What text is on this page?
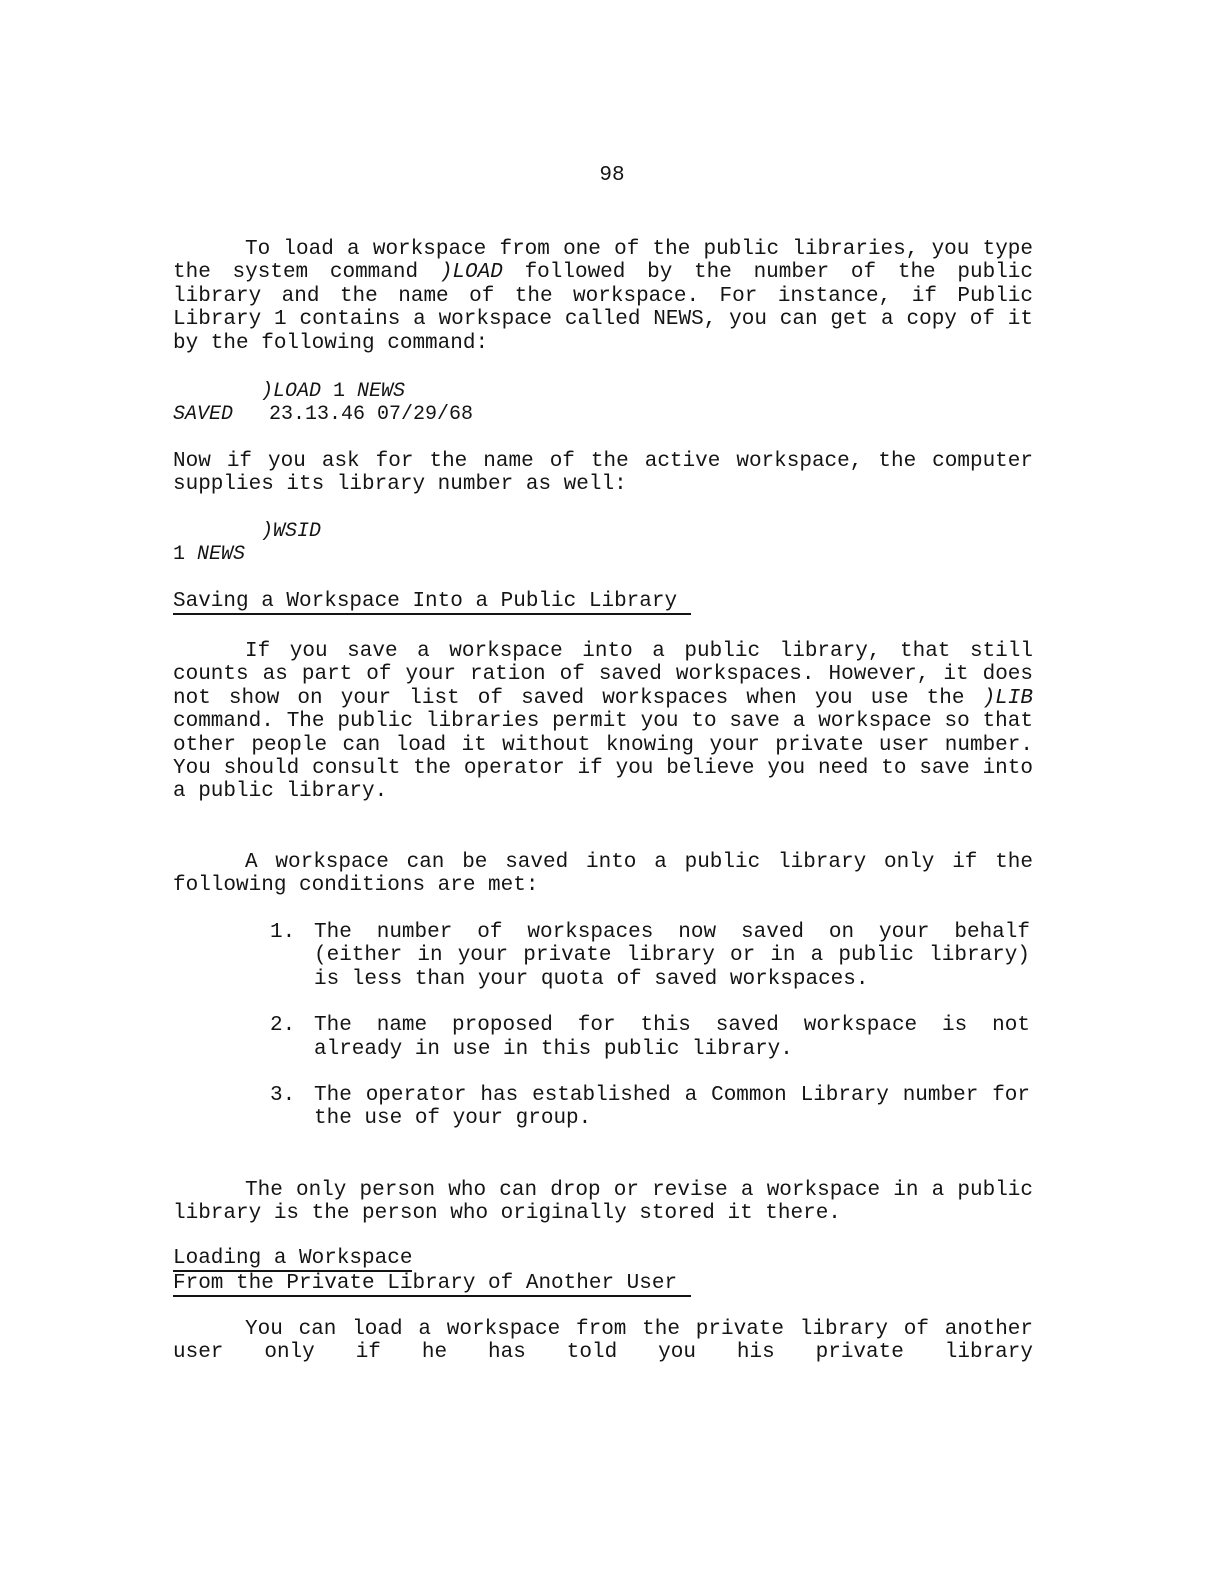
98

To load a workspace from one of the public libraries, you type the system command )LOAD followed by the number of the public library and the name of the workspace. For instance, if Public Library 1 contains a workspace called NEWS, you can get a copy of it by the following command:

)LOAD 1 NEWS
SAVED   23.13.46 07/29/68

Now if you ask for the name of the active workspace, the computer supplies its library number as well:

)WSID
1 NEWS
Saving a Workspace Into a Public Library

If you save a workspace into a public library, that still counts as part of your ration of saved workspaces. However, it does not show on your list of saved workspaces when you use the )LIB command. The public libraries permit you to save a workspace so that other people can load it without knowing your private user number. You should consult the operator if you believe you need to save into a public library.

A workspace can be saved into a public library only if the following conditions are met:

1. The number of workspaces now saved on your behalf (either in your private library or in a public library) is less than your quota of saved workspaces.
2. The name proposed for this saved workspace is not already in use in this public library.
3. The operator has established a Common Library number for the use of your group.

The only person who can drop or revise a workspace in a public library is the person who originally stored it there.

Loading a Workspace
From the Private Library of Another User

You can load a workspace from the private library of another user only if he has told you his private library
